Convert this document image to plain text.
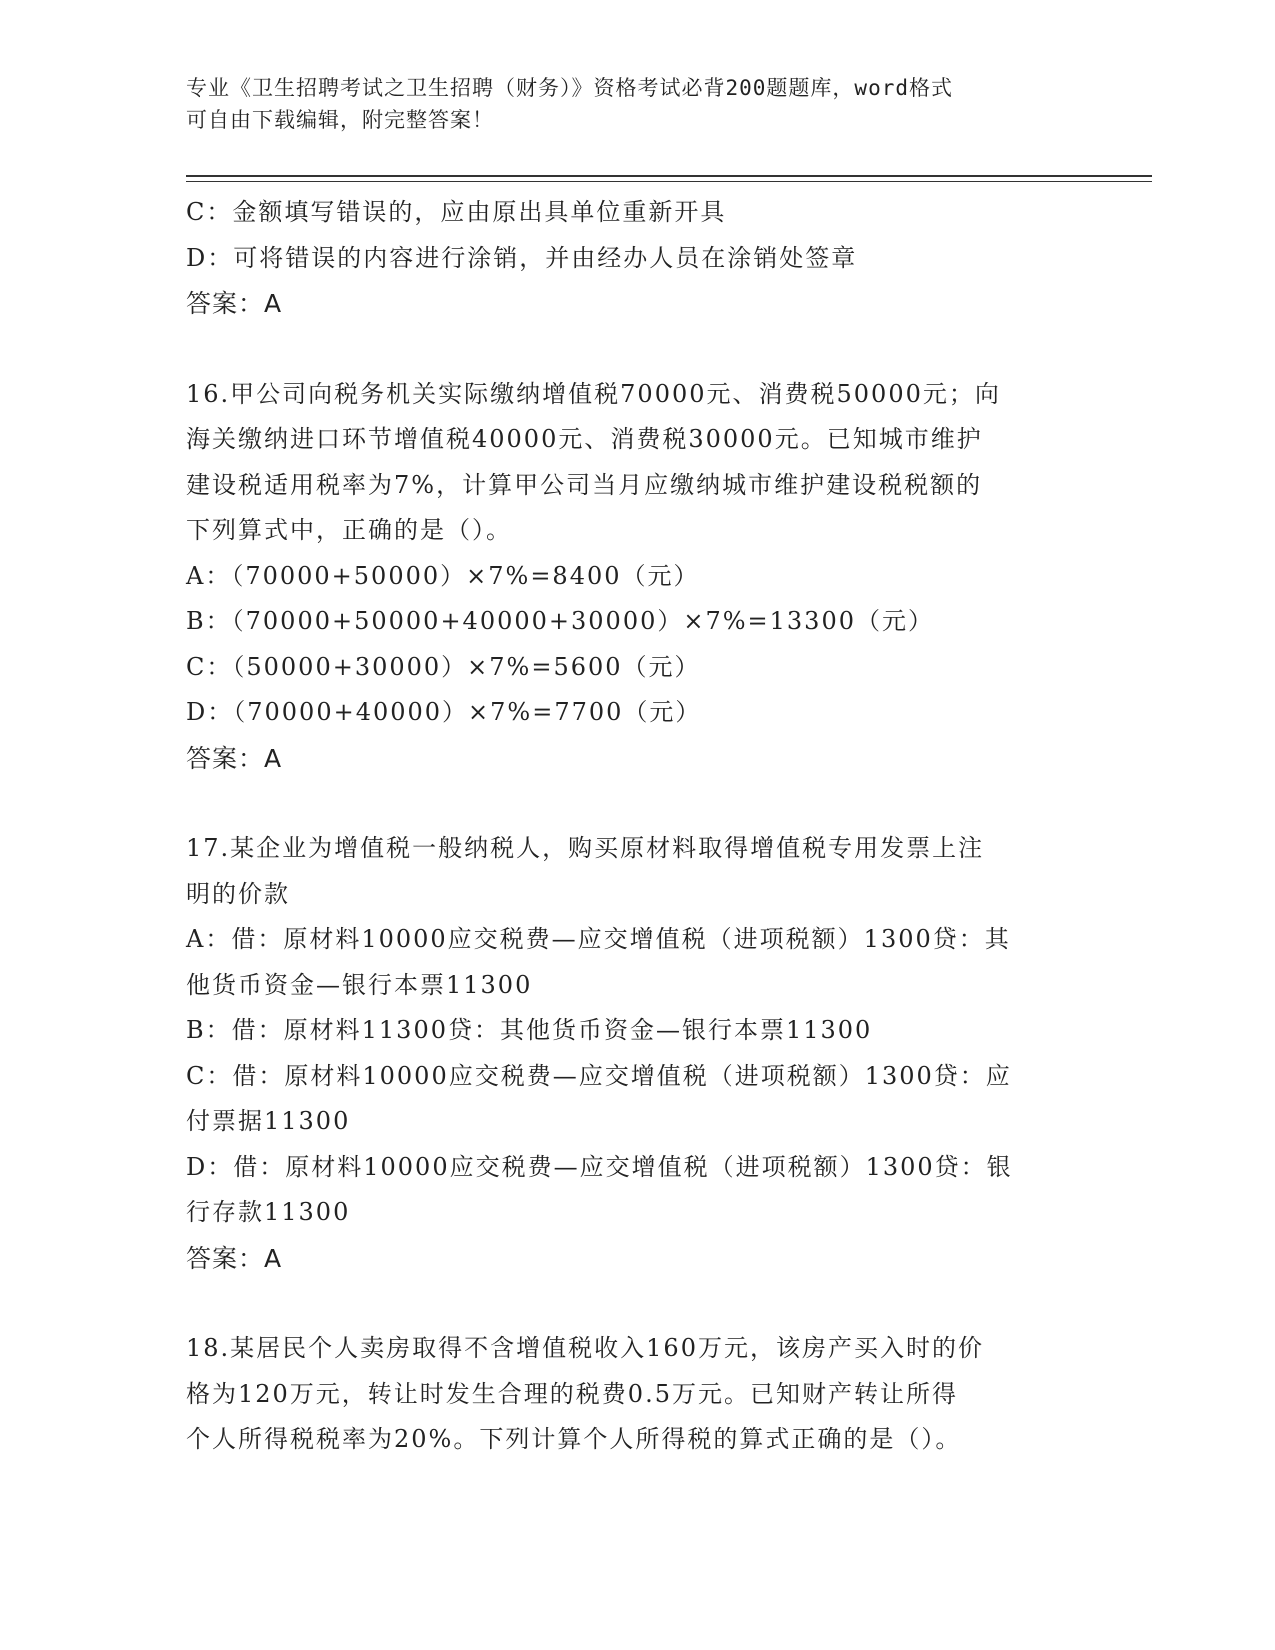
专业《卫生招聘考试之卫生招聘（财务）》资格考试必背200题题库，word格式
可自由下载编辑，附完整答案！
C：金额填写错误的，应由原出具单位重新开具
D：可将错误的内容进行涂销，并由经办人员在涂销处签章
答案：A
16.甲公司向税务机关实际缴纳增值税70000元、消费税50000元；向
海关缴纳进口环节增值税40000元、消费税30000元。已知城市维护
建设税适用税率为7%，计算甲公司当月应缴纳城市维护建设税税额的
下列算式中，正确的是（）。
A：（70000+50000）×7%=8400（元）
B：（70000+50000+40000+30000）×7%=13300（元）
C：（50000+30000）×7%=5600（元）
D：（70000+40000）×7%=7700（元）
答案：A
17.某企业为增值税一般纳税人，购买原材料取得增值税专用发票上注
明的价款
A：借：原材料10000应交税费—应交增值税（进项税额）1300贷：其
他货币资金—银行本票11300
B：借：原材料11300贷：其他货币资金—银行本票11300
C：借：原材料10000应交税费—应交增值税（进项税额）1300贷：应
付票据11300
D：借：原材料10000应交税费—应交增值税（进项税额）1300贷：银
行存款11300
答案：A
18.某居民个人卖房取得不含增值税收入160万元，该房产买入时的价
格为120万元，转让时发生合理的税费0.5万元。已知财产转让所得
个人所得税税率为20%。下列计算个人所得税的算式正确的是（）。
